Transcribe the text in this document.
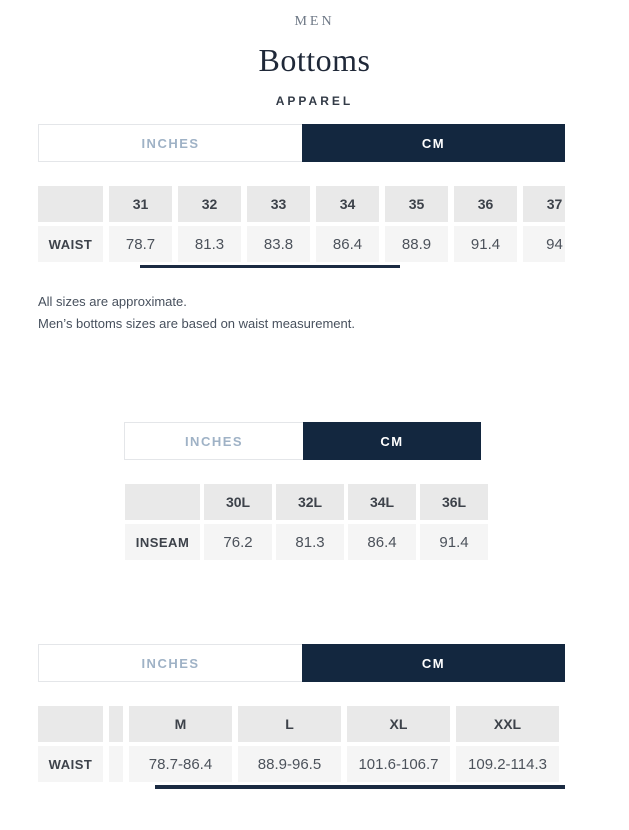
MEN
Bottoms
APPAREL
INCHES	CM
31	32	33	34	35	36	37
WAIST	78.7	81.3	83.8	86.4	88.9	91.4	94
All sizes are approximate.
Men’s bottoms sizes are based on waist measurement.
INCHES	CM
30L	32L	34L	36L
INSEAM	76.2	81.3	86.4	91.4
INCHES	CM
M	L	XL	XXL
WAIST	78.7-86.4	88.9-96.5	101.6-106.7	109.2-114.3
